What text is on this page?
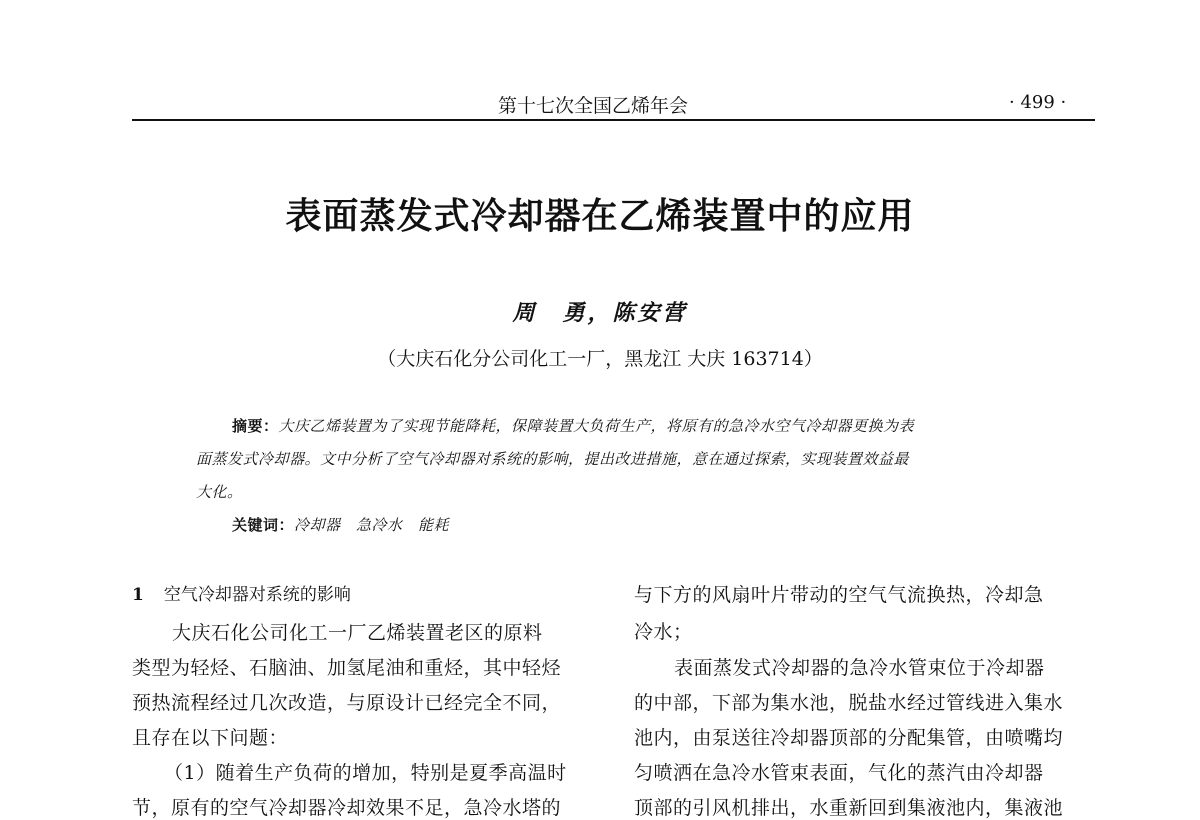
第十七次全国乙烯年会	· 499 ·
表面蒸发式冷却器在乙烯装置中的应用
周　勇，陈安营
（大庆石化分公司化工一厂，黑龙江 大庆 163714）
摘要：大庆乙烯装置为了实现节能降耗，保障装置大负荷生产，将原有的急冷水空气冷却器更换为表
面蒸发式冷却器。文中分析了空气冷却器对系统的影响，提出改进措施，意在通过探索，实现装置效益最
大化。
关键词：冷却器　急冷水　能耗
1 空气冷却器对系统的影响
大庆石化公司化工一厂乙烯装置老区的原料
类型为轻烃、石脑油、加氢尾油和重烃，其中轻烃
预热流程经过几次改造，与原设计已经完全不同，
且存在以下问题：
（1）随着生产负荷的增加，特别是夏季高温时
节，原有的空气冷却器冷却效果不足，急冷水塔的
与下方的风扇叶片带动的空气气流换热，冷却急
冷水；
表面蒸发式冷却器的急冷水管束位于冷却器
的中部，下部为集水池，脱盐水经过管线进入集水
池内，由泵送往冷却器顶部的分配集管，由喷嘴均
匀喷洒在急冷水管束表面，气化的蒸汽由冷却器
顶部的引风机排出，水重新回到集液池内，集液池
